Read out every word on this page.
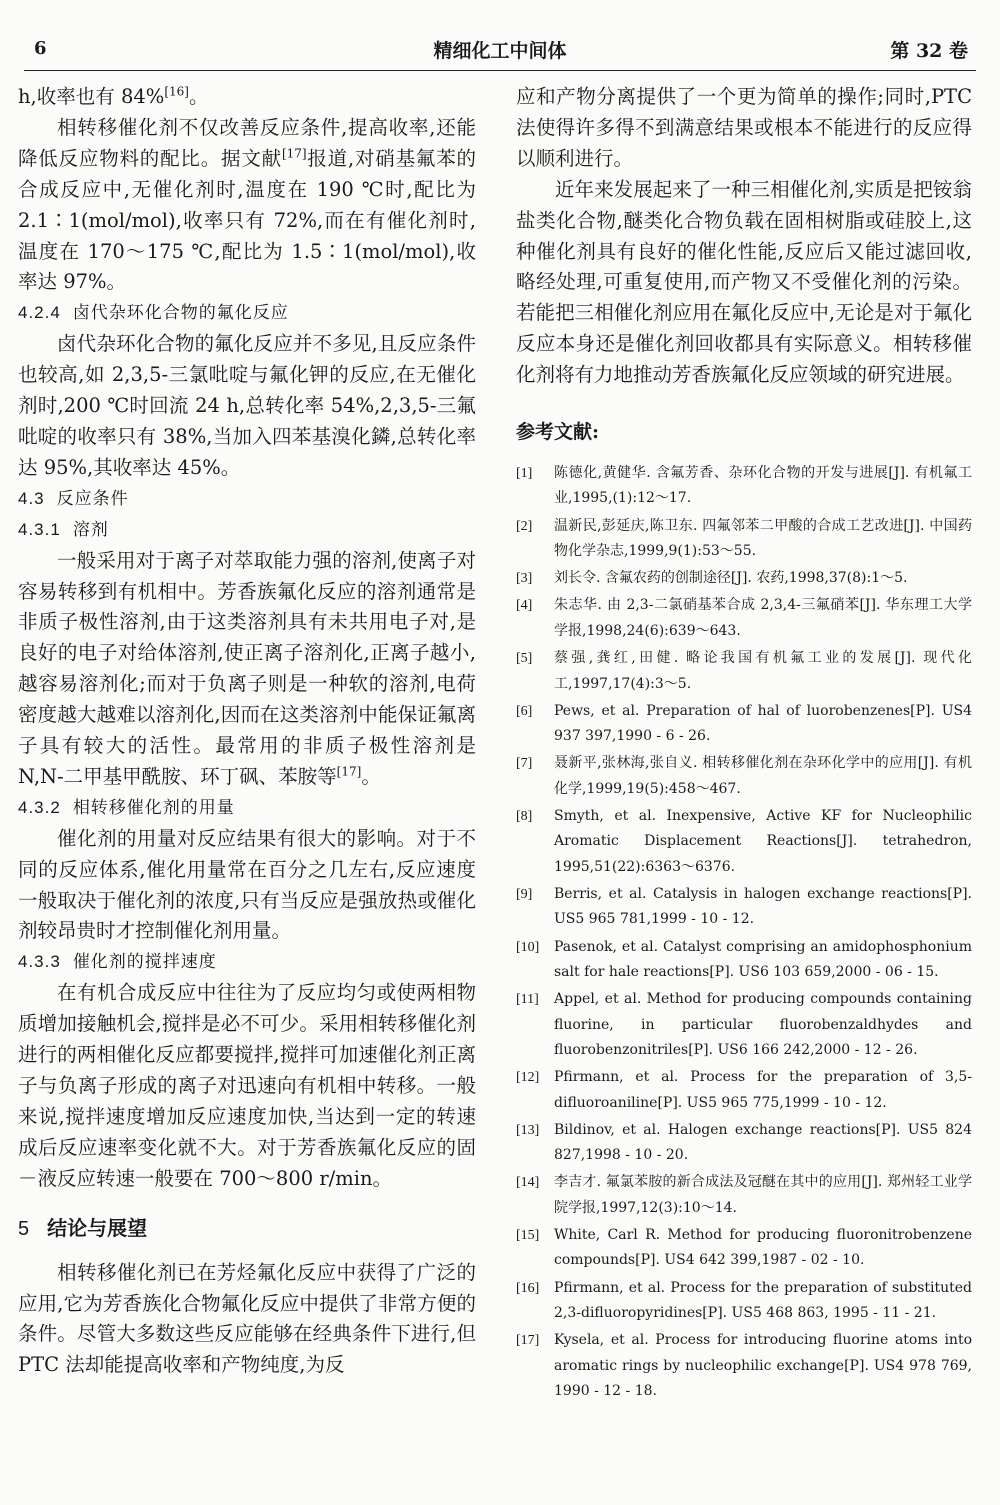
6	精细化工中间体	第 32 卷

h,收率也有 84%[16]。

相转移催化剂不仅改善反应条件,提高收率,还能降低反应物料的配比。据文献[17]报道,对硝基氟苯的合成反应中,无催化剂时,温度在 190 ℃时,配比为 2.1∶1(mol/mol),收率只有 72%,而在有催化剂时,温度在 170～175 ℃,配比为 1.5∶1(mol/mol),收率达 97%。

4.2.4 卤代杂环化合物的氟化反应

卤代杂环化合物的氟化反应并不多见,且反应条件也较高,如 2,3,5-三氯吡啶与氟化钾的反应,在无催化剂时,200 ℃时回流 24 h,总转化率 54%,2,3,5-三氟吡啶的收率只有 38%,当加入四苯基溴化鏻,总转化率达 95%,其收率达 45%。

4.3 反应条件
4.3.1 溶剂

一般采用对于离子对萃取能力强的溶剂,使离子对容易转移到有机相中。芳香族氟化反应的溶剂通常是非质子极性溶剂,由于这类溶剂具有未共用电子对,是良好的电子对给体溶剂,使正离子溶剂化,正离子越小,越容易溶剂化;而对于负离子则是一种软的溶剂,电荷密度越大越难以溶剂化,因而在这类溶剂中能保证氟离子具有较大的活性。最常用的非质子极性溶剂是 N,N-二甲基甲酰胺、环丁砜、苯胺等[17]。

4.3.2 相转移催化剂的用量

催化剂的用量对反应结果有很大的影响。对于不同的反应体系,催化用量常在百分之几左右,反应速度一般取决于催化剂的浓度,只有当反应是强放热或催化剂较昂贵时才控制催化剂用量。

4.3.3 催化剂的搅拌速度

在有机合成反应中往往为了反应均匀或使两相物质增加接触机会,搅拌是必不可少。采用相转移催化剂进行的两相催化反应都要搅拌,搅拌可加速催化剂正离子与负离子形成的离子对迅速向有机相中转移。一般来说,搅拌速度增加反应速度加快,当达到一定的转速成后反应速率变化就不大。对于芳香族氟化反应的固－液反应转速一般要在 700～800 r/min。

5 结论与展望

相转移催化剂已在芳烃氟化反应中获得了广泛的应用,它为芳香族化合物氟化反应中提供了非常方便的条件。尽管大多数这些反应能够在经典条件下进行,但 PTC 法却能提高收率和产物纯度,为反

应和产物分离提供了一个更为简单的操作;同时,PTC 法使得许多得不到满意结果或根本不能进行的反应得以顺利进行。

近年来发展起来了一种三相催化剂,实质是把铵翁盐类化合物,醚类化合物负载在固相树脂或硅胶上,这种催化剂具有良好的催化性能,反应后又能过滤回收,略经处理,可重复使用,而产物又不受催化剂的污染。若能把三相催化剂应用在氟化反应中,无论是对于氟化反应本身还是催化剂回收都具有实际意义。相转移催化剂将有力地推动芳香族氟化反应领域的研究进展。

参考文献:
[1]	陈德化,黄健华. 含氟芳香、杂环化合物的开发与进展[J]. 有机氟工业,1995,(1):12～17.
[2]	温新民,彭延庆,陈卫东. 四氟邻苯二甲酸的合成工艺改进[J]. 中国药物化学杂志,1999,9(1):53～55.
[3]	刘长令. 含氟农药的创制途径[J]. 农药,1998,37(8):1～5.
[4]	朱志华. 由 2,3-二氯硝基苯合成 2,3,4-三氟硝苯[J]. 华东理工大学学报,1998,24(6):639～643.
[5]	蔡强,龚红,田健. 略论我国有机氟工业的发展[J]. 现代化工,1997,17(4):3～5.
[6]	Pews, et al. Preparation of hal of luorobenzenes[P]. US4 937 397,1990 - 6 - 26.
[7]	聂新平,张林海,张自义. 相转移催化剂在杂环化学中的应用[J]. 有机化学,1999,19(5):458～467.
[8]	Smyth, et al. Inexpensive, Active KF for Nucleophilic Aromatic Displacement Reactions[J]. tetrahedron, 1995,51(22):6363～6376.
[9]	Berris, et al. Catalysis in halogen exchange reactions[P]. US5 965 781,1999 - 10 - 12.
[10]	Pasenok, et al. Catalyst comprising an amidophosphonium salt for hale reactions[P]. US6 103 659,2000 - 06 - 15.
[11]	Appel, et al. Method for producing compounds containing fluorine, in particular fluorobenzaldhydes and fluorobenzonitriles[P]. US6 166 242,2000 - 12 - 26.
[12]	Pfirmann, et al. Process for the preparation of 3,5-difluoroaniline[P]. US5 965 775,1999 - 10 - 12.
[13]	Bildinov, et al. Halogen exchange reactions[P]. US5 824 827,1998 - 10 - 20.
[14]	李吉才. 氟氯苯胺的新合成法及冠醚在其中的应用[J]. 郑州轻工业学院学报,1997,12(3):10～14.
[15]	White, Carl R. Method for producing fluoronitrobenzene compounds[P]. US4 642 399,1987 - 02 - 10.
[16]	Pfirmann, et al. Process for the preparation of substituted 2,3-difluoropyridines[P]. US5 468 863, 1995 - 11 - 21.
[17]	Kysela, et al. Process for introducing fluorine atoms into aromatic rings by nucleophilic exchange[P]. US4 978 769, 1990 - 12 - 18.
